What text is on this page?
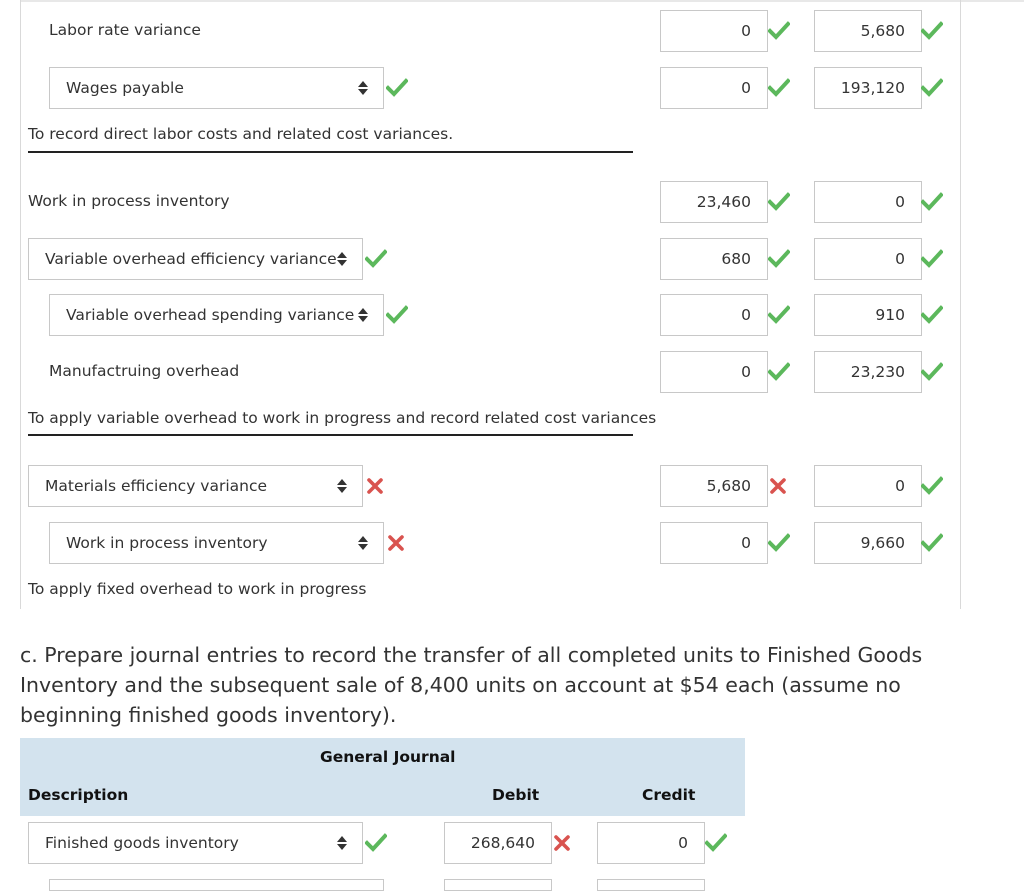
Labor rate variance	0	5,680
Wages payable	0	193,120
To record direct labor costs and related cost variances.
Work in process inventory	23,460	0
Variable overhead efficiency variance	680	0
Variable overhead spending variance	0	910
Manufactruing overhead	0	23,230
To apply variable overhead to work in progress and record related cost variances
Materials efficiency variance	5,680	0
Work in process inventory	0	9,660
To apply fixed overhead to work in progress
c. Prepare journal entries to record the transfer of all completed units to Finished Goods Inventory and the subsequent sale of 8,400 units on account at $54 each (assume no beginning finished goods inventory).
General Journal
Description	Debit	Credit
Finished goods inventory	268,640	0
